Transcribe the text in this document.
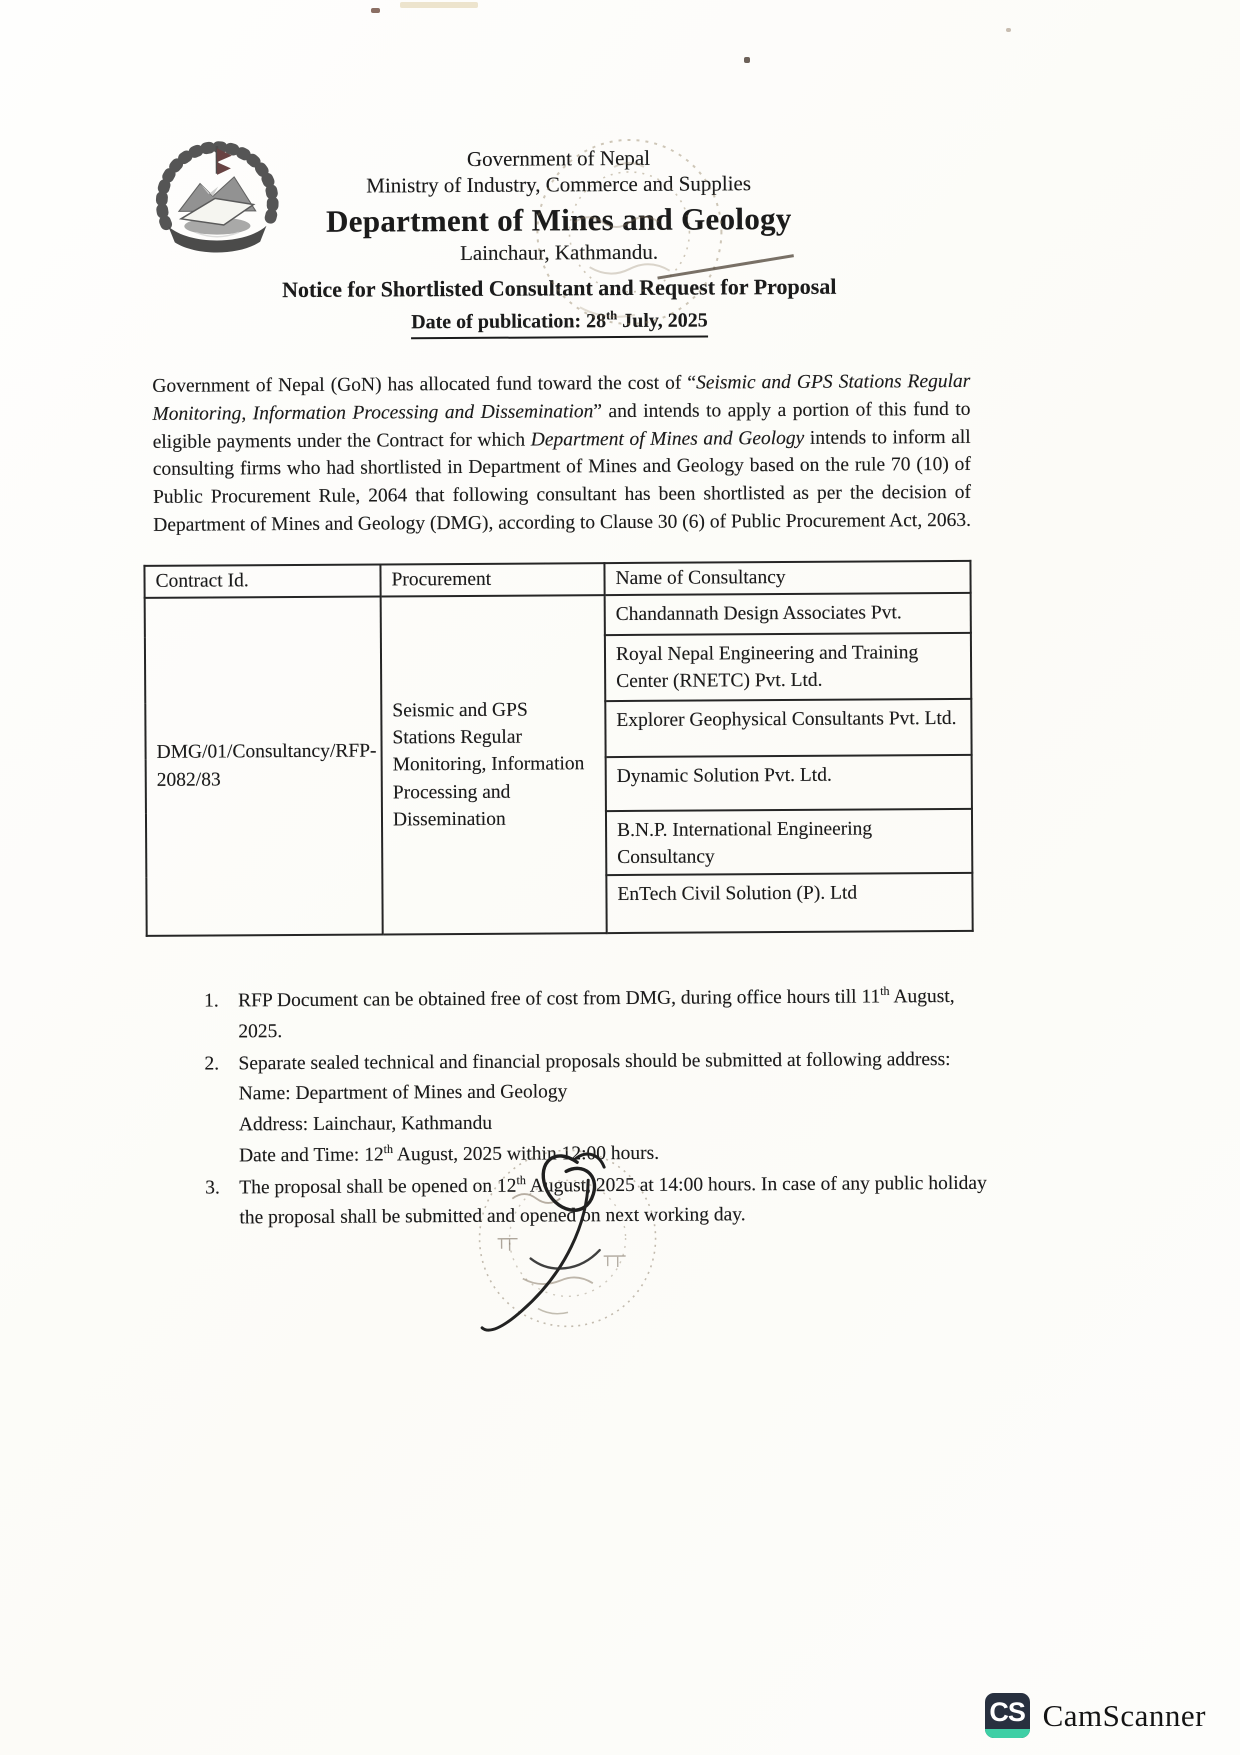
Government of Nepal
Ministry of Industry, Commerce and Supplies
Department of Mines and Geology
Lainchaur, Kathmandu.
Notice for Shortlisted Consultant and Request for Proposal
Date of publication: 28th July, 2025

Government of Nepal (GoN) has allocated fund toward the cost of “Seismic and GPS Stations Regular Monitoring, Information Processing and Dissemination” and intends to apply a portion of this fund to eligible payments under the Contract for which Department of Mines and Geology intends to inform all consulting firms who had shortlisted in Department of Mines and Geology based on the rule 70 (10) of Public Procurement Rule, 2064 that following consultant has been shortlisted as per the decision of Department of Mines and Geology (DMG), according to Clause 30 (6) of Public Procurement Act, 2063.

Contract Id.	Procurement	Name of Consultancy
DMG/01/Consultancy/RFP-2082/83	Seismic and GPS Stations Regular Monitoring, Information Processing and Dissemination	Chandannath Design Associates Pvt.
		Royal Nepal Engineering and Training Center (RNETC) Pvt. Ltd.
		Explorer Geophysical Consultants Pvt. Ltd.
		Dynamic Solution Pvt. Ltd.
		B.N.P. International Engineering Consultancy
		EnTech Civil Solution (P). Ltd
1. RFP Document can be obtained free of cost from DMG, during office hours till 11th August, 2025.
2. Separate sealed technical and financial proposals should be submitted at following address:
Name: Department of Mines and Geology
Address: Lainchaur, Kathmandu
Date and Time: 12th August, 2025 within 12:00 hours.
3. The proposal shall be opened on 12th August, 2025 at 14:00 hours. In case of any public holiday the proposal shall be submitted and opened on next working day.
CS CamScanner
